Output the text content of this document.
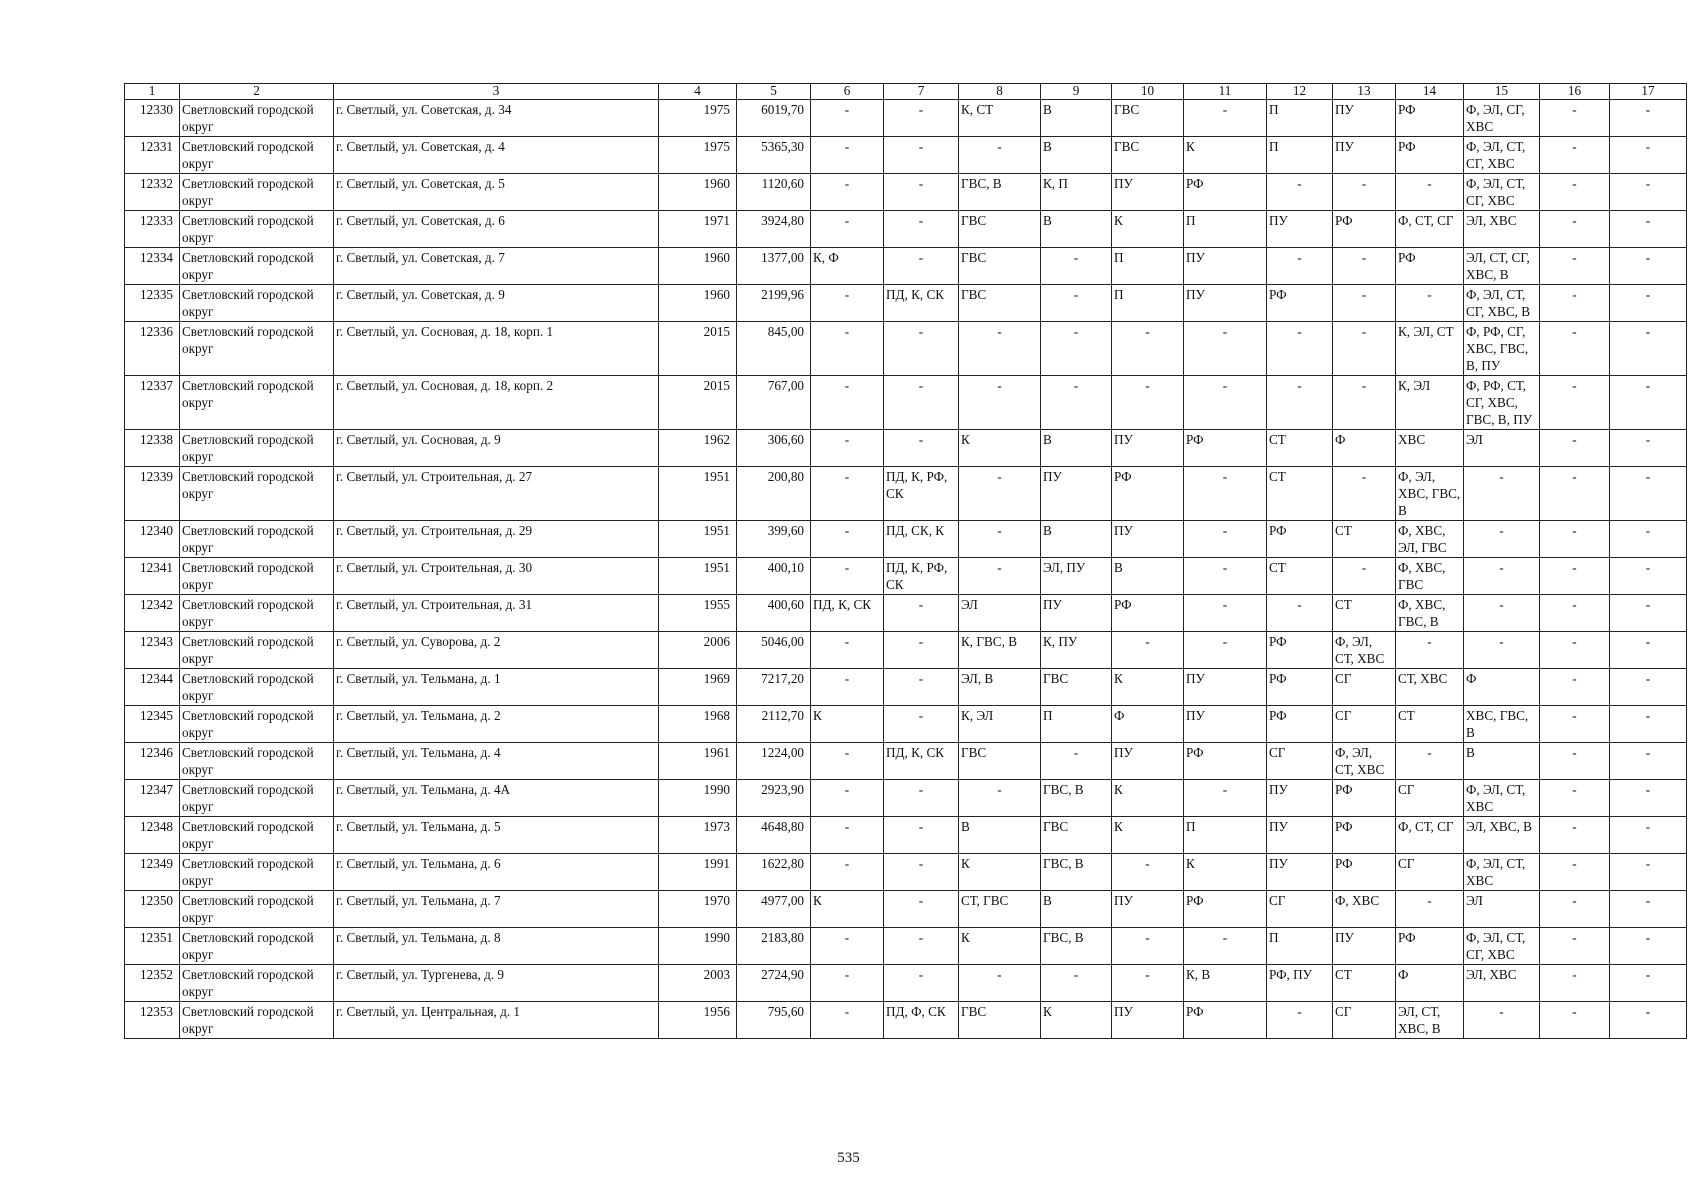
1	2	3	4	5	6	7	8	9	10	11	12	13	14	15	16	17
12330	Светловский городской округ	г. Светлый, ул. Советская, д. 34	1975	6019,70	-	-	К, СТ	В	ГВС	-	П	ПУ	РФ	Ф, ЭЛ, СГ, ХВС	-	-
12331	Светловский городской округ	г. Светлый, ул. Советская, д. 4	1975	5365,30	-	-	-	В	ГВС	К	П	ПУ	РФ	Ф, ЭЛ, СТ, СГ, ХВС	-	-
12332	Светловский городской округ	г. Светлый, ул. Советская, д. 5	1960	1120,60	-	-	ГВС, В	К, П	ПУ	РФ	-	-	-	Ф, ЭЛ, СТ, СГ, ХВС	-	-
12333	Светловский городской округ	г. Светлый, ул. Советская, д. 6	1971	3924,80	-	-	ГВС	В	К	П	ПУ	РФ	Ф, СТ, СГ	ЭЛ, ХВС	-	-
12334	Светловский городской округ	г. Светлый, ул. Советская, д. 7	1960	1377,00	К, Ф	-	ГВС	-	П	ПУ	-	-	РФ	ЭЛ, СТ, СГ, ХВС, В	-	-
12335	Светловский городской округ	г. Светлый, ул. Советская, д. 9	1960	2199,96	-	ПД, К, СК	ГВС	-	П	ПУ	РФ	-	-	Ф, ЭЛ, СТ, СГ, ХВС, В	-	-
12336	Светловский городской округ	г. Светлый, ул. Сосновая, д. 18, корп. 1	2015	845,00	-	-	-	-	-	-	-	-	К, ЭЛ, СТ	Ф, РФ, СГ, ХВС, ГВС, В, ПУ	-	-
12337	Светловский городской округ	г. Светлый, ул. Сосновая, д. 18, корп. 2	2015	767,00	-	-	-	-	-	-	-	-	К, ЭЛ	Ф, РФ, СТ, СГ, ХВС, ГВС, В, ПУ	-	-
12338	Светловский городской округ	г. Светлый, ул. Сосновая, д. 9	1962	306,60	-	-	К	В	ПУ	РФ	СТ	Ф	ХВС	ЭЛ	-	-
12339	Светловский городской округ	г. Светлый, ул. Строительная, д. 27	1951	200,80	-	ПД, К, РФ, СК	-	ПУ	РФ	-	СТ	-	Ф, ЭЛ, ХВС, ГВС, В	-	-	-
12340	Светловский городской округ	г. Светлый, ул. Строительная, д. 29	1951	399,60	-	ПД, СК, К	-	В	ПУ	-	РФ	СТ	Ф, ХВС, ЭЛ, ГВС	-	-	-
12341	Светловский городской округ	г. Светлый, ул. Строительная, д. 30	1951	400,10	-	ПД, К, РФ, СК	-	ЭЛ, ПУ	В	-	СТ	-	Ф, ХВС, ГВС	-	-	-
12342	Светловский городской округ	г. Светлый, ул. Строительная, д. 31	1955	400,60	ПД, К, СК	-	ЭЛ	ПУ	РФ	-	-	СТ	Ф, ХВС, ГВС, В	-	-	-
12343	Светловский городской округ	г. Светлый, ул. Суворова, д. 2	2006	5046,00	-	-	К, ГВС, В	К, ПУ	-	-	РФ	Ф, ЭЛ, СТ, ХВС	-	-	-	-
12344	Светловский городской округ	г. Светлый, ул. Тельмана, д. 1	1969	7217,20	-	-	ЭЛ, В	ГВС	К	ПУ	РФ	СГ	СТ, ХВС	Ф	-	-
12345	Светловский городской округ	г. Светлый, ул. Тельмана, д. 2	1968	2112,70	К	-	К, ЭЛ	П	Ф	ПУ	РФ	СГ	СТ	ХВС, ГВС, В	-	-
12346	Светловский городской округ	г. Светлый, ул. Тельмана, д. 4	1961	1224,00	-	ПД, К, СК	ГВС	-	ПУ	РФ	СГ	Ф, ЭЛ, СТ, ХВС	-	В	-	-
12347	Светловский городской округ	г. Светлый, ул. Тельмана, д. 4А	1990	2923,90	-	-	-	ГВС, В	К	-	ПУ	РФ	СГ	Ф, ЭЛ, СТ, ХВС	-	-
12348	Светловский городской округ	г. Светлый, ул. Тельмана, д. 5	1973	4648,80	-	-	В	ГВС	К	П	ПУ	РФ	Ф, СТ, СГ	ЭЛ, ХВС, В	-	-
12349	Светловский городской округ	г. Светлый, ул. Тельмана, д. 6	1991	1622,80	-	-	К	ГВС, В	-	К	ПУ	РФ	СГ	Ф, ЭЛ, СТ, ХВС	-	-
12350	Светловский городской округ	г. Светлый, ул. Тельмана, д. 7	1970	4977,00	К	-	СТ, ГВС	В	ПУ	РФ	СГ	Ф, ХВС	-	ЭЛ	-	-
12351	Светловский городской округ	г. Светлый, ул. Тельмана, д. 8	1990	2183,80	-	-	К	ГВС, В	-	-	П	ПУ	РФ	Ф, ЭЛ, СТ, СГ, ХВС	-	-
12352	Светловский городской округ	г. Светлый, ул. Тургенева, д. 9	2003	2724,90	-	-	-	-	-	К, В	РФ, ПУ	СТ	Ф	ЭЛ, ХВС	-	-
12353	Светловский городской округ	г. Светлый, ул. Центральная, д. 1	1956	795,60	-	ПД, Ф, СК	ГВС	К	ПУ	РФ	-	СГ	ЭЛ, СТ, ХВС, В	-	-	-
535
